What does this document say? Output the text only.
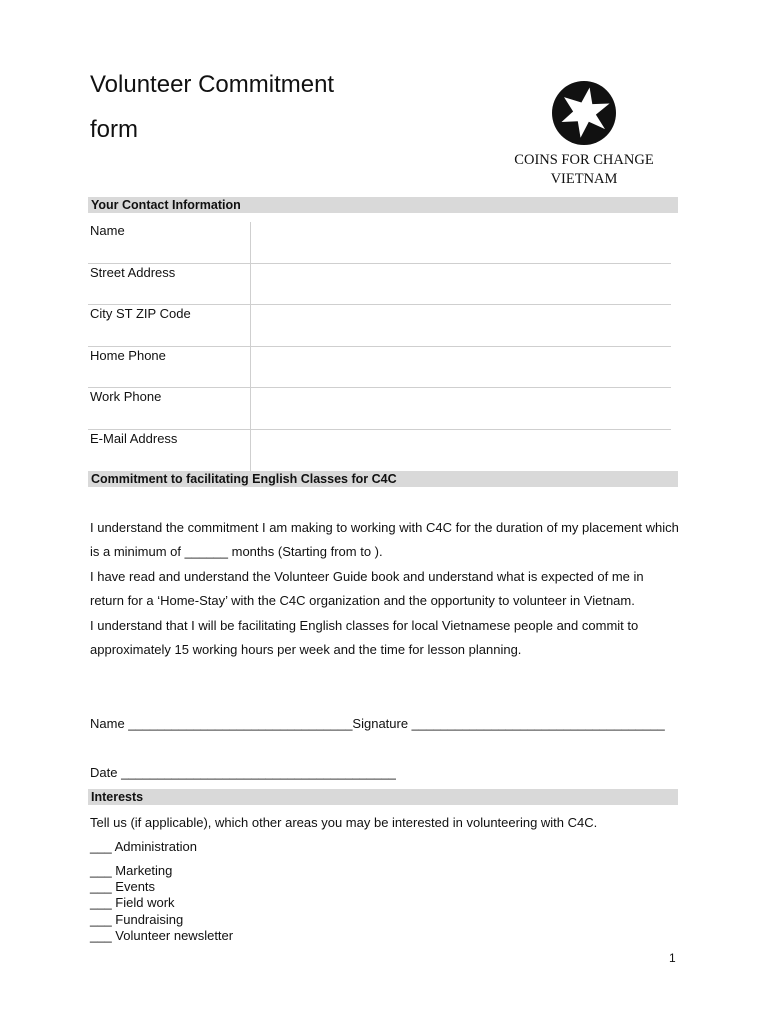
Volunteer Commitment
form
COINS FOR CHANGE
VIETNAM
Your Contact Information
Name
Street Address
City ST ZIP Code
Home Phone
Work Phone
E-Mail Address
Commitment to facilitating English Classes for C4C

I understand the commitment I am making to working with C4C for the duration of my placement which is a minimum of ______ months (Starting from to ).

I have read and understand the Volunteer Guide book and understand what is expected of me in return for a ‘Home-Stay’ with the C4C organization and the opportunity to volunteer in Vietnam.

I understand that I will be facilitating English classes for local Vietnamese people and commit to approximately 15 working hours per week and the time for lesson planning.

Name _______________________________Signature ___________________________________
Date ______________________________________
Interests
Tell us (if applicable), which other areas you may be interested in volunteering with C4C.
___ Administration
___ Marketing
___ Events
___ Field work
___ Fundraising
___ Volunteer newsletter
1
